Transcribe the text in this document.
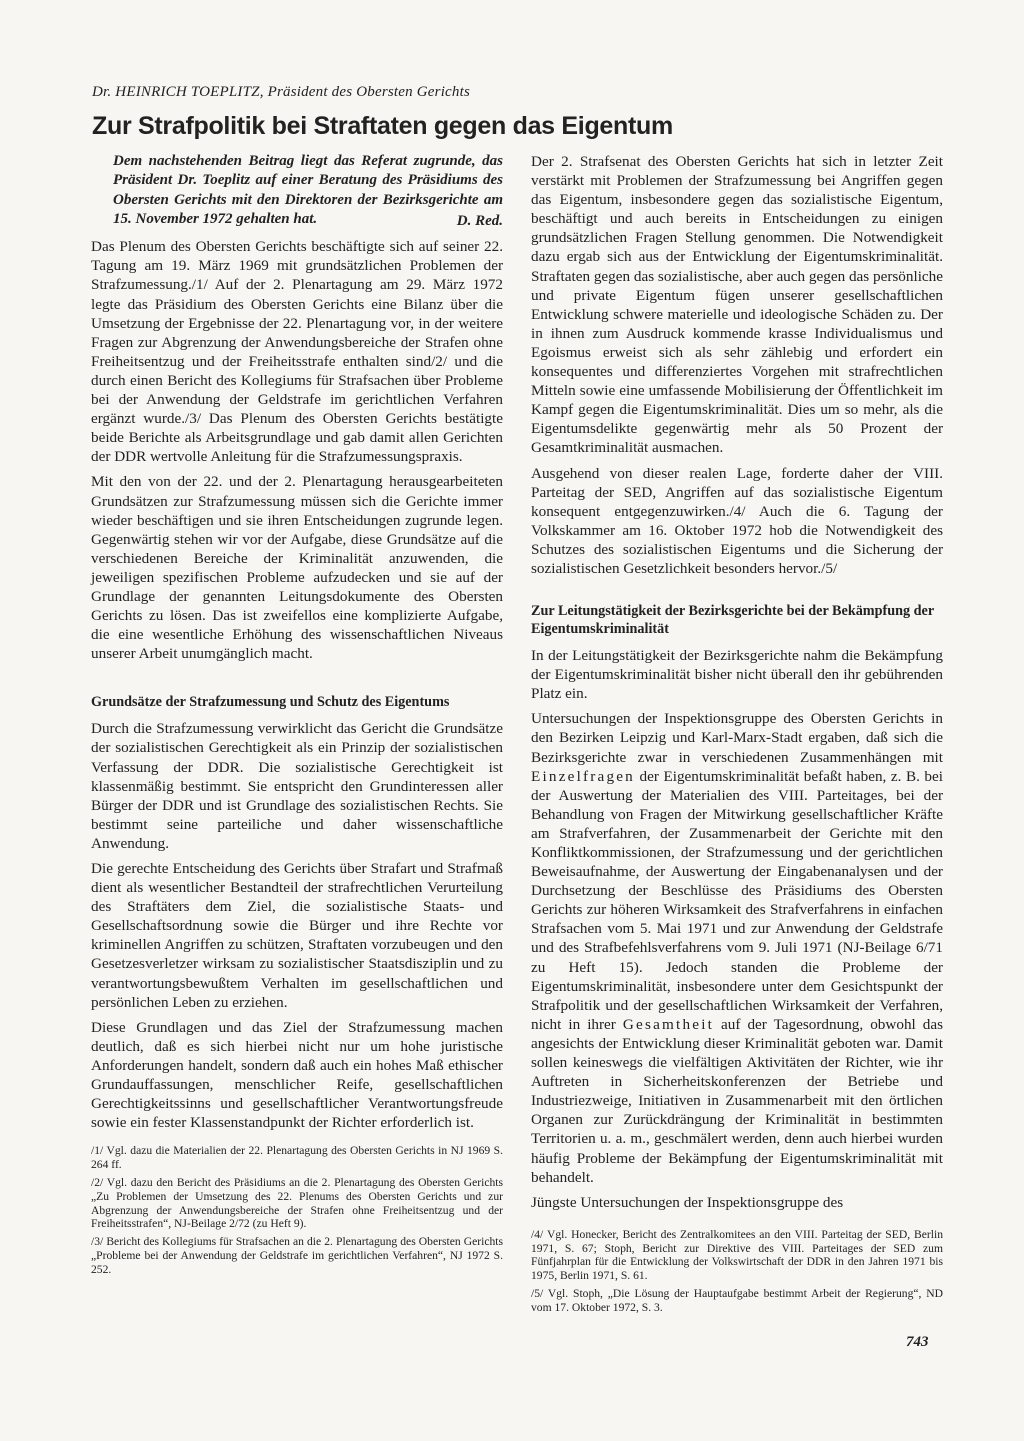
Dr. HEINRICH TOEPLITZ, Präsident des Obersten Gerichts
Zur Strafpolitik bei Straftaten gegen das Eigentum

Dem nachstehenden Beitrag liegt das Referat zugrunde, das Präsident Dr. Toeplitz auf einer Beratung des Präsidiums des Obersten Gerichts mit den Direktoren der Bezirksgerichte am 15. November 1972 gehalten hat.	D. Red.

Das Plenum des Obersten Gerichts beschäftigte sich auf seiner 22. Tagung am 19. März 1969 mit grundsätzlichen Problemen der Strafzumessung./1/ Auf der 2. Plenartagung am 29. März 1972 legte das Präsidium des Obersten Gerichts eine Bilanz über die Umsetzung der Ergebnisse der 22. Plenartagung vor, in der weitere Fragen zur Abgrenzung der Anwendungsbereiche der Strafen ohne Freiheitsentzug und der Freiheitsstrafe enthalten sind/2/ und die durch einen Bericht des Kollegiums für Strafsachen über Probleme bei der Anwendung der Geldstrafe im gerichtlichen Verfahren ergänzt wurde./3/ Das Plenum des Obersten Gerichts bestätigte beide Berichte als Arbeitsgrundlage und gab damit allen Gerichten der DDR wertvolle Anleitung für die Strafzumessungspraxis.

Mit den von der 22. und der 2. Plenartagung herausgearbeiteten Grundsätzen zur Strafzumessung müssen sich die Gerichte immer wieder beschäftigen und sie ihren Entscheidungen zugrunde legen. Gegenwärtig stehen wir vor der Aufgabe, diese Grundsätze auf die verschiedenen Bereiche der Kriminalität anzuwenden, die jeweiligen spezifischen Probleme aufzudecken und sie auf der Grundlage der genannten Leitungsdokumente des Obersten Gerichts zu lösen. Das ist zweifellos eine komplizierte Aufgabe, die eine wesentliche Erhöhung des wissenschaftlichen Niveaus unserer Arbeit unumgänglich macht.

Grundsätze der Strafzumessung und Schutz des Eigentums

Durch die Strafzumessung verwirklicht das Gericht die Grundsätze der sozialistischen Gerechtigkeit als ein Prinzip der sozialistischen Verfassung der DDR. Die sozialistische Gerechtigkeit ist klassenmäßig bestimmt. Sie entspricht den Grundinteressen aller Bürger der DDR und ist Grundlage des sozialistischen Rechts. Sie bestimmt seine parteiliche und daher wissenschaftliche Anwendung.

Die gerechte Entscheidung des Gerichts über Strafart und Strafmaß dient als wesentlicher Bestandteil der strafrechtlichen Verurteilung des Straftäters dem Ziel, die sozialistische Staats- und Gesellschaftsordnung sowie die Bürger und ihre Rechte vor kriminellen Angriffen zu schützen, Straftaten vorzubeugen und den Gesetzesverletzer wirksam zu sozialistischer Staatsdisziplin und zu verantwortungsbewußtem Verhalten im gesellschaftlichen und persönlichen Leben zu erziehen.

Diese Grundlagen und das Ziel der Strafzumessung machen deutlich, daß es sich hierbei nicht nur um hohe juristische Anforderungen handelt, sondern daß auch ein hohes Maß ethischer Grundauffassungen, menschlicher Reife, gesellschaftlichen Gerechtigkeitssinns und gesellschaftlicher Verantwortungsfreude sowie ein fester Klassenstandpunkt der Richter erforderlich ist.

/1/ Vgl. dazu die Materialien der 22. Plenartagung des Obersten Gerichts in NJ 1969 S. 264 ff.

/2/ Vgl. dazu den Bericht des Präsidiums an die 2. Plenartagung des Obersten Gerichts „Zu Problemen der Umsetzung des 22. Plenums des Obersten Gerichts und zur Abgrenzung der Anwendungsbereiche der Strafen ohne Freiheitsentzug und der Freiheitsstrafen“, NJ-Beilage 2/72 (zu Heft 9).

/3/ Bericht des Kollegiums für Strafsachen an die 2. Plenartagung des Obersten Gerichts „Probleme bei der Anwendung der Geldstrafe im gerichtlichen Verfahren“, NJ 1972 S. 252.

Der 2. Strafsenat des Obersten Gerichts hat sich in letzter Zeit verstärkt mit Problemen der Strafzumessung bei Angriffen gegen das Eigentum, insbesondere gegen das sozialistische Eigentum, beschäftigt und auch bereits in Entscheidungen zu einigen grundsätzlichen Fragen Stellung genommen. Die Notwendigkeit dazu ergab sich aus der Entwicklung der Eigentumskriminalität. Straftaten gegen das sozialistische, aber auch gegen das persönliche und private Eigentum fügen unserer gesellschaftlichen Entwicklung schwere materielle und ideologische Schäden zu. Der in ihnen zum Ausdruck kommende krasse Individualismus und Egoismus erweist sich als sehr zählebig und erfordert ein konsequentes und differenziertes Vorgehen mit strafrechtlichen Mitteln sowie eine umfassende Mobilisierung der Öffentlichkeit im Kampf gegen die Eigentumskriminalität. Dies um so mehr, als die Eigentumsdelikte gegenwärtig mehr als 50 Prozent der Gesamtkriminalität ausmachen.

Ausgehend von dieser realen Lage, forderte daher der VIII. Parteitag der SED, Angriffen auf das sozialistische Eigentum konsequent entgegenzuwirken./4/ Auch die 6. Tagung der Volkskammer am 16. Oktober 1972 hob die Notwendigkeit des Schutzes des sozialistischen Eigentums und die Sicherung der sozialistischen Gesetzlichkeit besonders hervor./5/

Zur Leitungstätigkeit der Bezirksgerichte bei der Bekämpfung der Eigentumskriminalität

In der Leitungstätigkeit der Bezirksgerichte nahm die Bekämpfung der Eigentumskriminalität bisher nicht überall den ihr gebührenden Platz ein.

Untersuchungen der Inspektionsgruppe des Obersten Gerichts in den Bezirken Leipzig und Karl-Marx-Stadt ergaben, daß sich die Bezirksgerichte zwar in verschiedenen Zusammenhängen mit Einzelfragen der Eigentumskriminalität befaßt haben, z. B. bei der Auswertung der Materialien des VIII. Parteitages, bei der Behandlung von Fragen der Mitwirkung gesellschaftlicher Kräfte am Strafverfahren, der Zusammenarbeit der Gerichte mit den Konfliktkommissionen, der Strafzumessung und der gerichtlichen Beweisaufnahme, der Auswertung der Eingabenanalysen und der Durchsetzung der Beschlüsse des Präsidiums des Obersten Gerichts zur höheren Wirksamkeit des Strafverfahrens in einfachen Strafsachen vom 5. Mai 1971 und zur Anwendung der Geldstrafe und des Strafbefehlsverfahrens vom 9. Juli 1971 (NJ-Beilage 6/71 zu Heft 15). Jedoch standen die Probleme der Eigentumskriminalität, insbesondere unter dem Gesichtspunkt der Strafpolitik und der gesellschaftlichen Wirksamkeit der Verfahren, nicht in ihrer Gesamtheit auf der Tagesordnung, obwohl das angesichts der Entwicklung dieser Kriminalität geboten war. Damit sollen keineswegs die vielfältigen Aktivitäten der Richter, wie ihr Auftreten in Sicherheitskonferenzen der Betriebe und Industriezweige, Initiativen in Zusammenarbeit mit den örtlichen Organen zur Zurückdrängung der Kriminalität in bestimmten Territorien u. a. m., geschmälert werden, denn auch hierbei wurden häufig Probleme der Bekämpfung der Eigentumskriminalität mit behandelt.

Jüngste Untersuchungen der Inspektionsgruppe des

/4/ Vgl. Honecker, Bericht des Zentralkomitees an den VIII. Parteitag der SED, Berlin 1971, S. 67; Stoph, Bericht zur Direktive des VIII. Parteitages der SED zum Fünfjahrplan für die Entwicklung der Volkswirtschaft der DDR in den Jahren 1971 bis 1975, Berlin 1971, S. 61.

/5/ Vgl. Stoph, „Die Lösung der Hauptaufgabe bestimmt Arbeit der Regierung“, ND vom 17. Oktober 1972, S. 3.

743
